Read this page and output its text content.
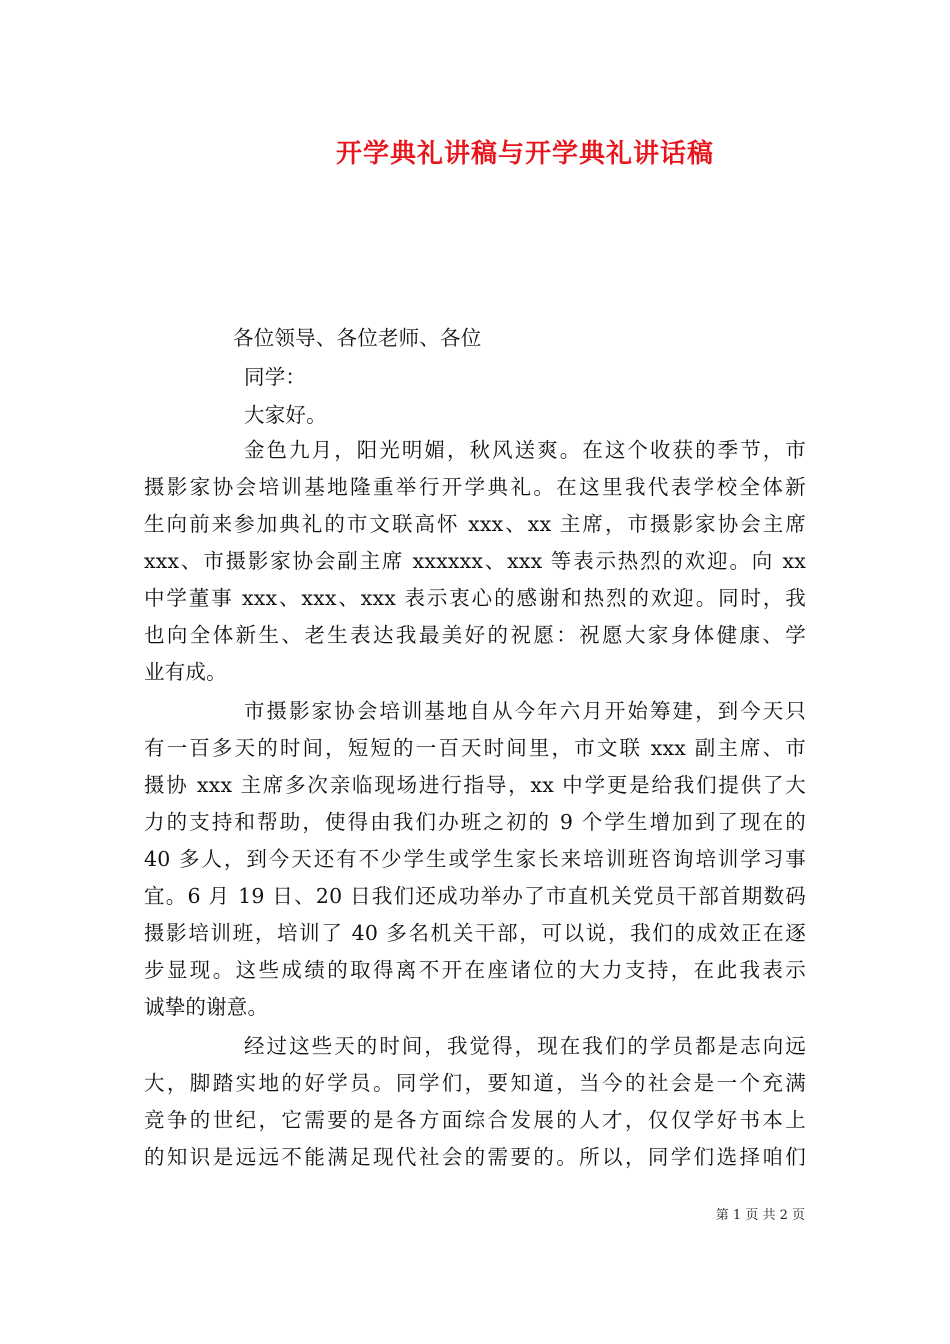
开学典礼讲稿与开学典礼讲话稿
各位领导、各位老师、各位
同学：
大家好。
金色九月，阳光明媚，秋风送爽。在这个收获的季节，市
摄影家协会培训基地隆重举行开学典礼。在这里我代表学校全体新
生向前来参加典礼的市文联高怀 xxx、xx 主席，市摄影家协会主席
xxx、市摄影家协会副主席 xxxxxx、xxx 等表示热烈的欢迎。向 xx
中学董事 xxx、xxx、xxx 表示衷心的感谢和热烈的欢迎。同时，我
也向全体新生、老生表达我最美好的祝愿：祝愿大家身体健康、学
业有成。
市摄影家协会培训基地自从今年六月开始筹建，到今天只
有一百多天的时间，短短的一百天时间里，市文联 xxx 副主席、市
摄协 xxx 主席多次亲临现场进行指导，xx 中学更是给我们提供了大
力的支持和帮助，使得由我们办班之初的 9 个学生增加到了现在的
40 多人，到今天还有不少学生或学生家长来培训班咨询培训学习事
宜。6 月 19 日、20 日我们还成功举办了市直机关党员干部首期数码
摄影培训班，培训了 40 多名机关干部，可以说，我们的成效正在逐
步显现。这些成绩的取得离不开在座诸位的大力支持，在此我表示
诚挚的谢意。
经过这些天的时间，我觉得，现在我们的学员都是志向远
大，脚踏实地的好学员。同学们，要知道，当今的社会是一个充满
竞争的世纪，它需要的是各方面综合发展的人才，仅仅学好书本上
的知识是远远不能满足现代社会的需要的。所以，同学们选择咱们
第 1 页 共 2 页
